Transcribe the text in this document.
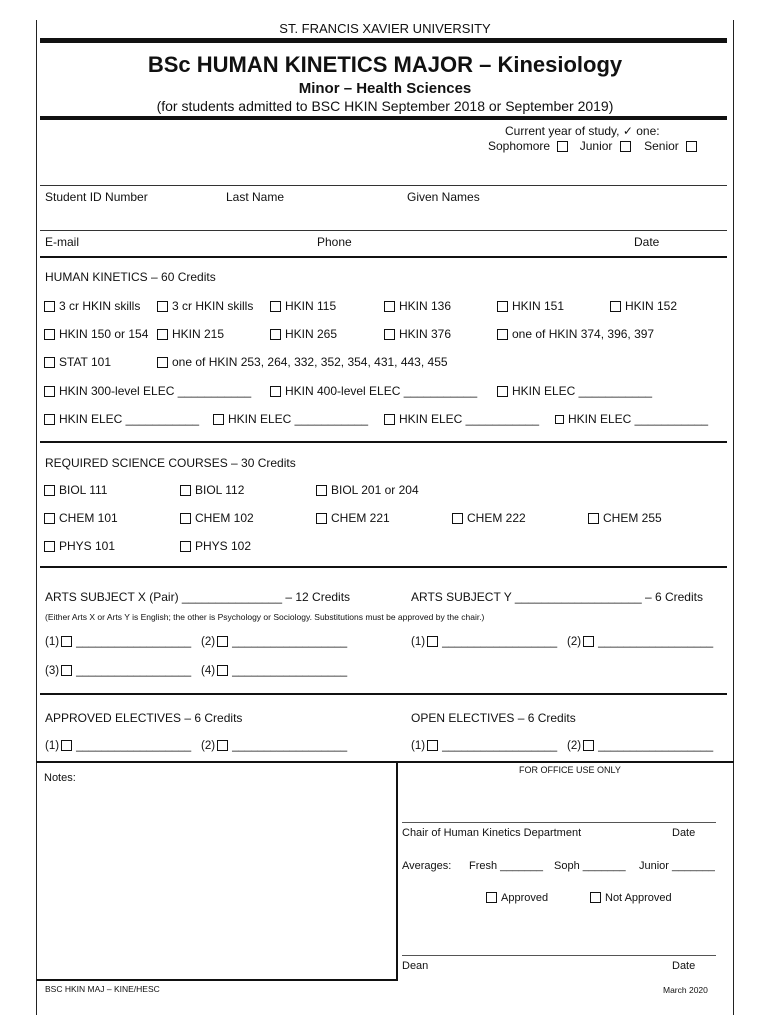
ST. FRANCIS XAVIER UNIVERSITY
BSc HUMAN KINETICS MAJOR – Kinesiology
Minor – Health Sciences
(for students admitted to BSC HKIN September 2018 or September 2019)
Current year of study, ✓ one:
Sophomore Junior	Senior
Student ID Number	Last Name	Given Names
E-mail	Phone	Date
HUMAN KINETICS – 60 Credits
3 cr HKIN skills	3 cr HKIN skills	HKIN 115	HKIN 136	HKIN 151	HKIN 152
HKIN 150 or 154	HKIN 215	HKIN 265	HKIN 376	one of HKIN 374, 396, 397
STAT 101	one of HKIN 253, 264, 332, 352, 354, 431, 443, 455
HKIN 300-level ELEC ___________	HKIN 400-level ELEC ___________	HKIN ELEC ___________
HKIN ELEC ___________	HKIN ELEC ___________	HKIN ELEC ___________	HKIN ELEC ___________
REQUIRED SCIENCE COURSES – 30 Credits
BIOL 111	BIOL 112	BIOL 201 or 204
CHEM 101	CHEM 102	CHEM 221	CHEM 222	CHEM 255
PHYS 101	PHYS 102
ARTS SUBJECT X (Pair) _______________ – 12 Credits	ARTS SUBJECT Y ___________________ – 6 Credits
(Either Arts X or Arts Y is English; the other is Psychology or Sociology. Substitutions must be approved by the chair.)
(1) __________________ (2) __________________	(1) __________________ (2) __________________
(3) __________________ (4) __________________
APPROVED ELECTIVES – 6 Credits	OPEN ELECTIVES – 6 Credits
(1) __________________ (2) __________________	(1) __________________ (2) __________________
Notes:
FOR OFFICE USE ONLY
Chair of Human Kinetics Department	Date
Averages: Fresh _______ Soph _______ Junior _______
Approved	Not Approved
Dean	Date
BSC HKIN MAJ – KINE/HESC	March 2020
